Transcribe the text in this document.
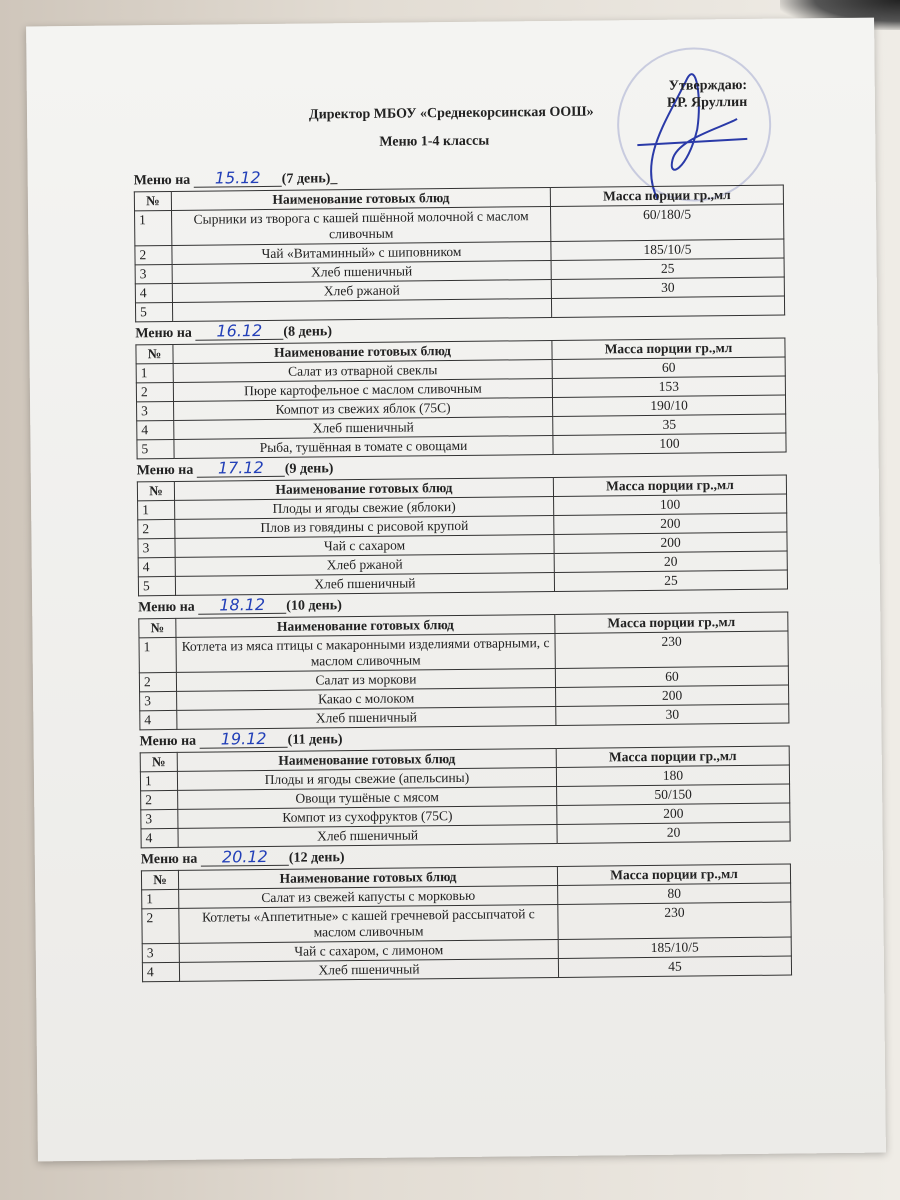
Утверждаю:
Р.Р. Яруллин
Директор МБОУ «Среднекорсинская ООШ»
Меню 1-4 классы
Меню на 15.12 (7 день)_
№	Наименование готовых блюд	Масса порции гр.,мл
1	Сырники из творога с кашей пшённой молочной с маслом сливочным	60/180/5
2	Чай «Витаминный» с шиповником	185/10/5
3	Хлеб пшеничный	25
4	Хлеб ржаной	30
5		
Меню на 16.12 (8 день)
№	Наименование готовых блюд	Масса порции гр.,мл
1	Салат из отварной свеклы	60
2	Пюре картофельное с маслом сливочным	153
3	Компот из свежих яблок (75С)	190/10
4	Хлеб пшеничный	35
5	Рыба, тушённая в томате с овощами	100
Меню на 17.12 (9 день)
№	Наименование готовых блюд	Масса порции гр.,мл
1	Плоды и ягоды свежие (яблоки)	100
2	Плов из говядины с рисовой крупой	200
3	Чай с сахаром	200
4	Хлеб ржаной	20
5	Хлеб пшеничный	25
Меню на 18.12 (10 день)
№	Наименование готовых блюд	Масса порции гр.,мл
1	Котлета из мяса птицы с макаронными изделиями отварными, с маслом сливочным	230
2	Салат из моркови	60
3	Какао с молоком	200
4	Хлеб пшеничный	30
Меню на 19.12 (11 день)
№	Наименование готовых блюд	Масса порции гр.,мл
1	Плоды и ягоды свежие (апельсины)	180
2	Овощи тушёные с мясом	50/150
3	Компот из сухофруктов (75С)	200
4	Хлеб пшеничный	20
Меню на 20.12 (12 день)
№	Наименование готовых блюд	Масса порции гр.,мл
1	Салат из свежей капусты с морковью	80
2	Котлеты «Аппетитные» с кашей гречневой рассыпчатой с маслом сливочным	230
3	Чай с сахаром, с лимоном	185/10/5
4	Хлеб пшеничный	45
